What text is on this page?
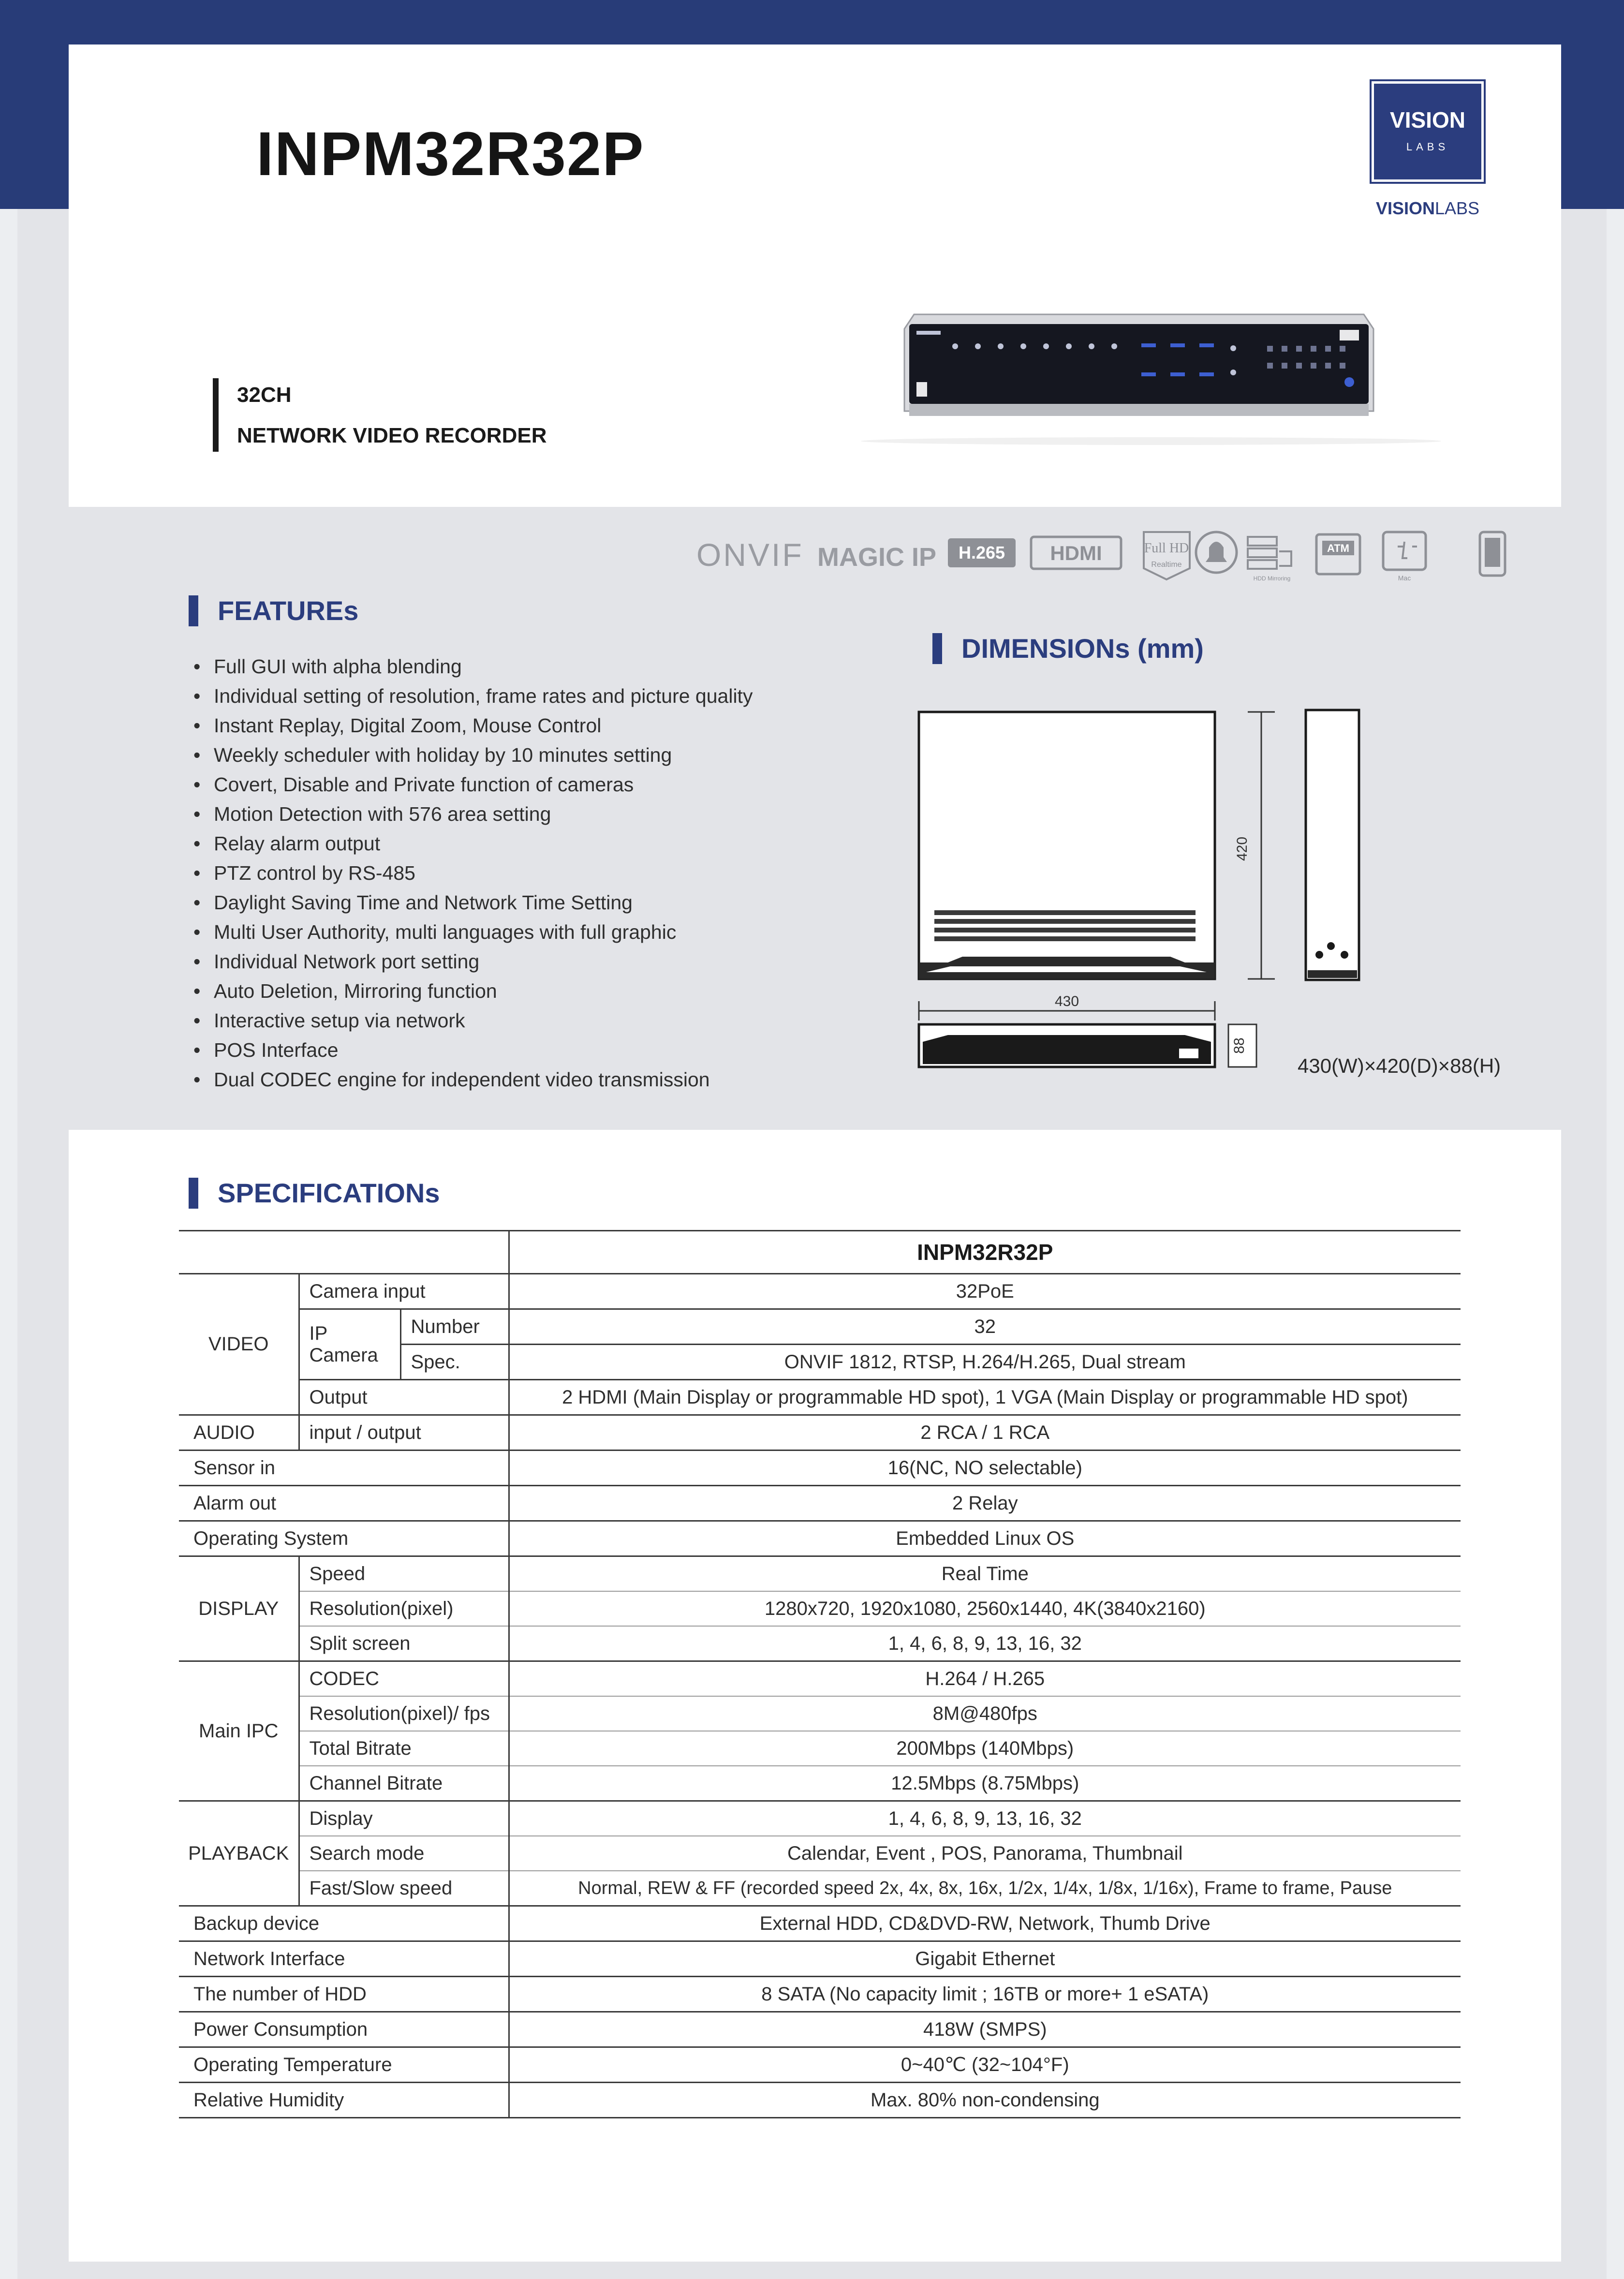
INPM32R32P	VISION
LABS
VISIONLABS
32CH
NETWORK VIDEO RECORDER
ONVIF MAGIC IP H.265 HDMI	Full HD
Realtime
HDD Mirroring
ATM
Mac
FEATUREs
• Full GUI with alpha blending
• Individual setting of resolution, frame rates and picture quality
• Instant Replay, Digital Zoom, Mouse Control
• Weekly scheduler with holiday by 10 minutes setting
• Covert, Disable and Private function of cameras
• Motion Detection with 576 area setting
• Relay alarm output
• PTZ control by RS-485
• Daylight Saving Time and Network Time Setting
• Multi User Authority, multi languages with full graphic
• Individual Network port setting
• Auto Deletion, Mirroring function
• Interactive setup via network
• POS Interface
• Dual CODEC engine for independent video transmission
DIMENSIONs (mm)
420
430
88
430(W)×420(D)×88(H)
SPECIFICATIONs
			INPM32R32P
VIDEO	Camera input		32PoE
	IP
Camera	Number	32
		Spec.	ONVIF 1812, RTSP, H.264/H.265, Dual stream
	Output		2 HDMI (Main Display or programmable HD spot), 1 VGA (Main Display or programmable HD spot)
AUDIO	input / output		2 RCA / 1 RCA
Sensor in			16(NC, NO selectable)
Alarm out			2 Relay
Operating System			Embedded Linux OS
DISPLAY	Speed		Real Time
	Resolution(pixel)		1280x720, 1920x1080, 2560x1440, 4K(3840x2160)
	Split screen		1, 4, 6, 8, 9, 13, 16, 32
Main IPC	CODEC		H.264 / H.265
	Resolution(pixel)/ fps		8M@480fps
	Total Bitrate		200Mbps (140Mbps)
	Channel Bitrate		12.5Mbps (8.75Mbps)
PLAYBACK	Display		1, 4, 6, 8, 9, 13, 16, 32
	Search mode		Calendar, Event , POS, Panorama, Thumbnail
	Fast/Slow speed		Normal, REW & FF (recorded speed 2x, 4x, 8x, 16x, 1/2x, 1/4x, 1/8x, 1/16x), Frame to frame, Pause
Backup device			External HDD, CD&DVD-RW, Network, Thumb Drive
Network Interface			Gigabit Ethernet
The number of HDD			8 SATA (No capacity limit ; 16TB or more+ 1 eSATA)
Power Consumption			418W (SMPS)
Operating Temperature			0~40℃ (32~104°F)
Relative Humidity			Max. 80% non-condensing
